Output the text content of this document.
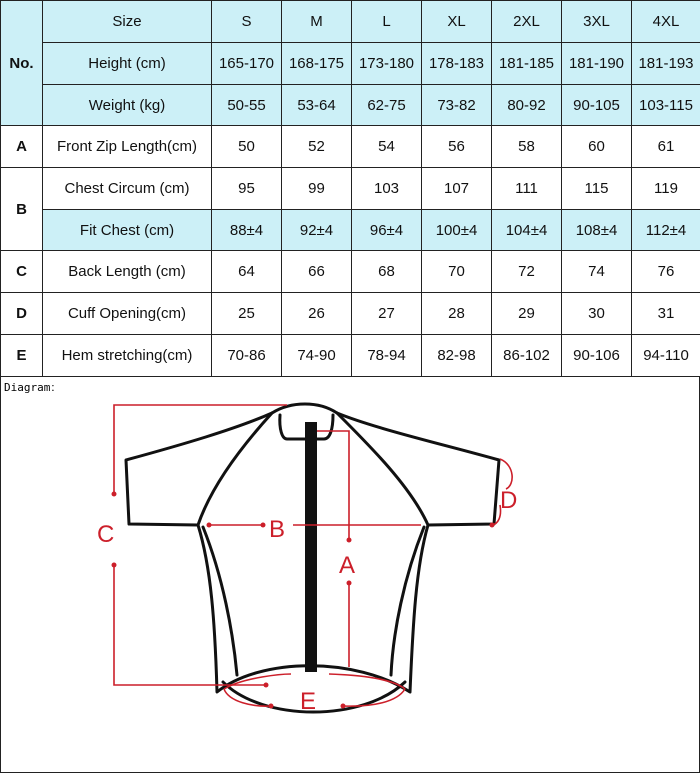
No.	Size	S	M	L	XL	2XL	3XL	4XL
	Height (cm)	165-170	168-175	173-180	178-183	181-185	181-190	181-193
	Weight (kg)	50-55	53-64	62-75	73-82	80-92	90-105	103-115
A	Front Zip Length(cm)	50	52	54	56	58	60	61
B	Chest Circum (cm)	95	99	103	107	111	115	119
	Fit Chest (cm)	88±4	92±4	96±4	100±4	104±4	108±4	112±4
C	Back Length (cm)	64	66	68	70	72	74	76
D	Cuff Opening(cm)	25	26	27	28	29	30	31
E	Hem stretching(cm)	70-86	74-90	78-94	82-98	86-102	90-106	94-110
Diagram：
C	B
A
D
E
